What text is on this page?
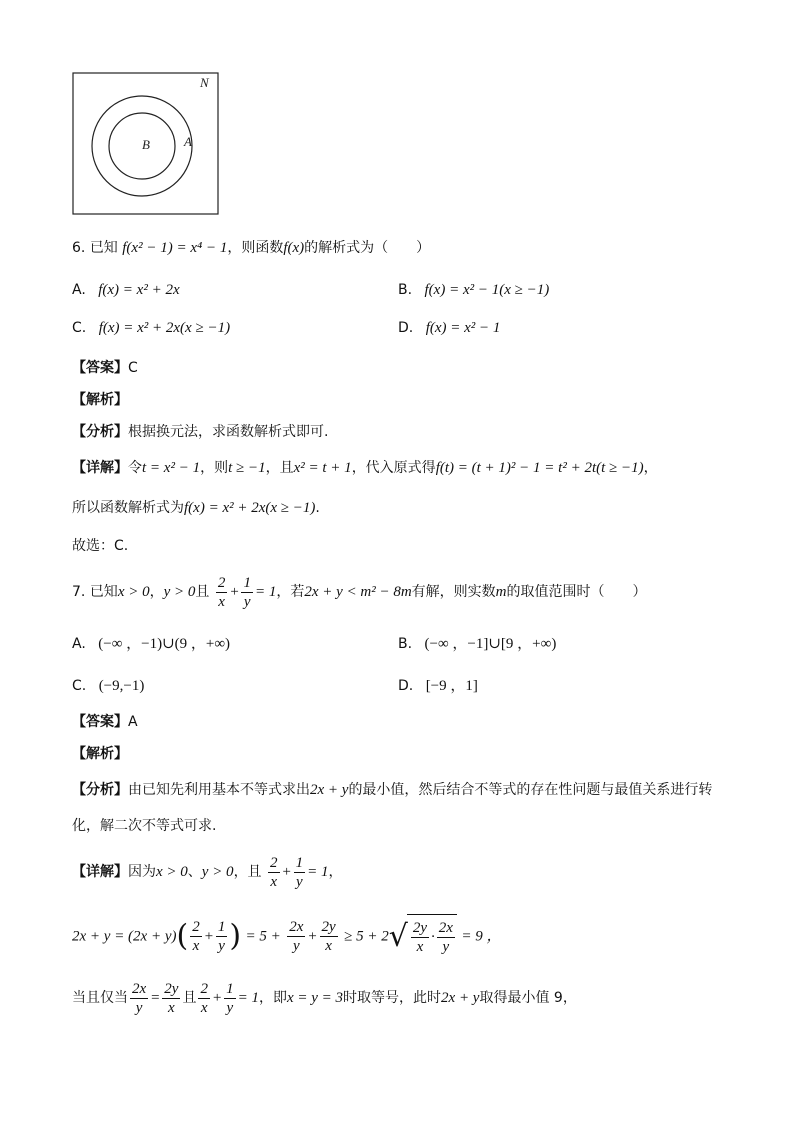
N
A
B
6. 已知 f(x² − 1) = x⁴ − 1，则函数f(x)的解析式为（　　）
A. f(x) = x² + 2x	B. f(x) = x² − 1(x ≥ −1)
C. f(x) = x² + 2x(x ≥ −1)	D. f(x) = x² − 1
【答案】C
【解析】
【分析】根据换元法，求函数解析式即可.
【详解】令t = x² − 1，则t ≥ −1，且x² = t + 1，代入原式得f(t) = (t + 1)² − 1 = t² + 2t(t ≥ −1)，
所以函数解析式为f(x) = x² + 2x(x ≥ −1).
故选：C.
7. 已知x > 0，y > 0且 $\frac{2}{x} + \frac{1}{y} = 1$，若2x + y < m² − 8m有解，则实数m的取值范围时（　　）
A. (−∞ ，−1)∪(9 ，+∞)	B. (−∞ ，−1]∪[9 ，+∞)
C. (−9,−1)	D. [−9 ，1]
【答案】A
【解析】
【分析】由已知先利用基本不等式求出2x + y的最小值，然后结合不等式的存在性问题与最值关系进行转
化，解二次不等式可求.
【详解】因为x > 0、y > 0，且 $\frac{2}{x} + \frac{1}{y} = 1$，
$2x + y = (2x + y)( \frac{2}{x} + \frac{1}{y}$ ) = $5 + \frac{2x}{y} + \frac{2y}{x} \ge 5 + 2$ √ $\frac{2y}{x} \cdot \frac{2x}{y} = 9$ ，
当且仅当 $\frac{2x}{y} = \frac{2y}{x}$ 且 $\frac{2}{x} + \frac{1}{y} = 1$，即x = y = 3时取等号，此时2x + y取得最小值 9，
